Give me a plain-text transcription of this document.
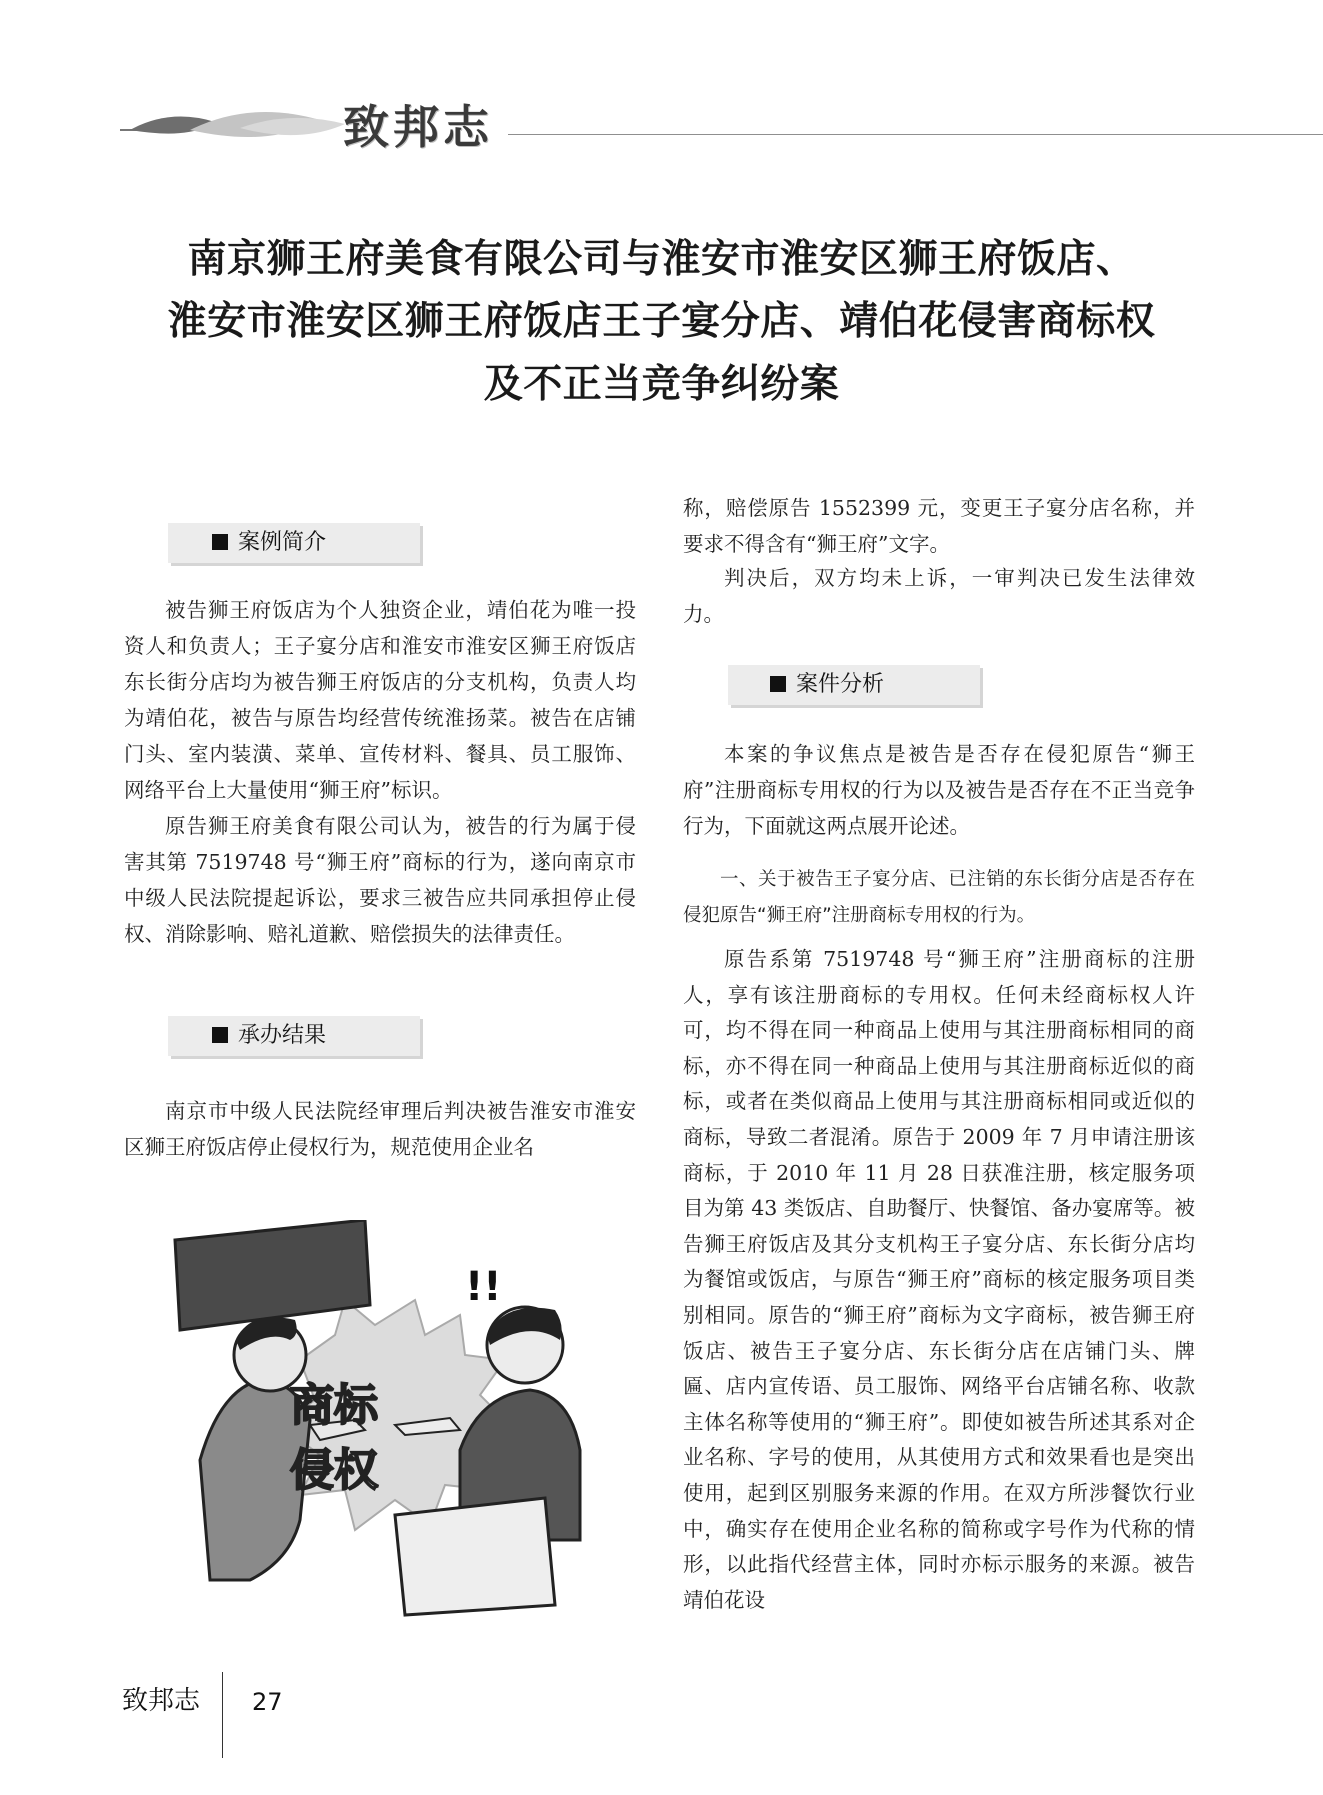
致邦志
南京狮王府美食有限公司与淮安市淮安区狮王府饭店、
淮安市淮安区狮王府饭店王子宴分店、靖伯花侵害商标权
及不正当竞争纠纷案
案例简介

被告狮王府饭店为个人独资企业，靖伯花为唯一投资人和负责人；王子宴分店和淮安市淮安区狮王府饭店东长街分店均为被告狮王府饭店的分支机构，负责人均为靖伯花，被告与原告均经营传统淮扬菜。被告在店铺门头、室内装潢、菜单、宣传材料、餐具、员工服饰、网络平台上大量使用“狮王府”标识。

原告狮王府美食有限公司认为，被告的行为属于侵害其第 7519748 号“狮王府”商标的行为，遂向南京市中级人民法院提起诉讼，要求三被告应共同承担停止侵权、消除影响、赔礼道歉、赔偿损失的法律责任。

承办结果

南京市中级人民法院经审理后判决被告淮安市淮安区狮王府饭店停止侵权行为，规范使用企业名

!!
商标
侵权

称，赔偿原告 1552399 元，变更王子宴分店名称，并要求不得含有“狮王府”文字。

判决后，双方均未上诉，一审判决已发生法律效力。

案件分析

本案的争议焦点是被告是否存在侵犯原告“狮王府”注册商标专用权的行为以及被告是否存在不正当竞争行为，下面就这两点展开论述。

一、关于被告王子宴分店、已注销的东长街分店是否存在侵犯原告“狮王府”注册商标专用权的行为。

原告系第 7519748 号“狮王府”注册商标的注册人，享有该注册商标的专用权。任何未经商标权人许可，均不得在同一种商品上使用与其注册商标相同的商标，亦不得在同一种商品上使用与其注册商标近似的商标，或者在类似商品上使用与其注册商标相同或近似的商标，导致二者混淆。原告于 2009 年 7 月申请注册该商标，于 2010 年 11 月 28 日获准注册，核定服务项目为第 43 类饭店、自助餐厅、快餐馆、备办宴席等。被告狮王府饭店及其分支机构王子宴分店、东长街分店均为餐馆或饭店，与原告“狮王府”商标的核定服务项目类别相同。原告的“狮王府”商标为文字商标，被告狮王府饭店、被告王子宴分店、东长街分店在店铺门头、牌匾、店内宣传语、员工服饰、网络平台店铺名称、收款主体名称等使用的“狮王府”。即使如被告所述其系对企业名称、字号的使用，从其使用方式和效果看也是突出使用，起到区别服务来源的作用。在双方所涉餐饮行业中，确实存在使用企业名称的简称或字号作为代称的情形，以此指代经营主体，同时亦标示服务的来源。被告靖伯花设

致邦志 27
